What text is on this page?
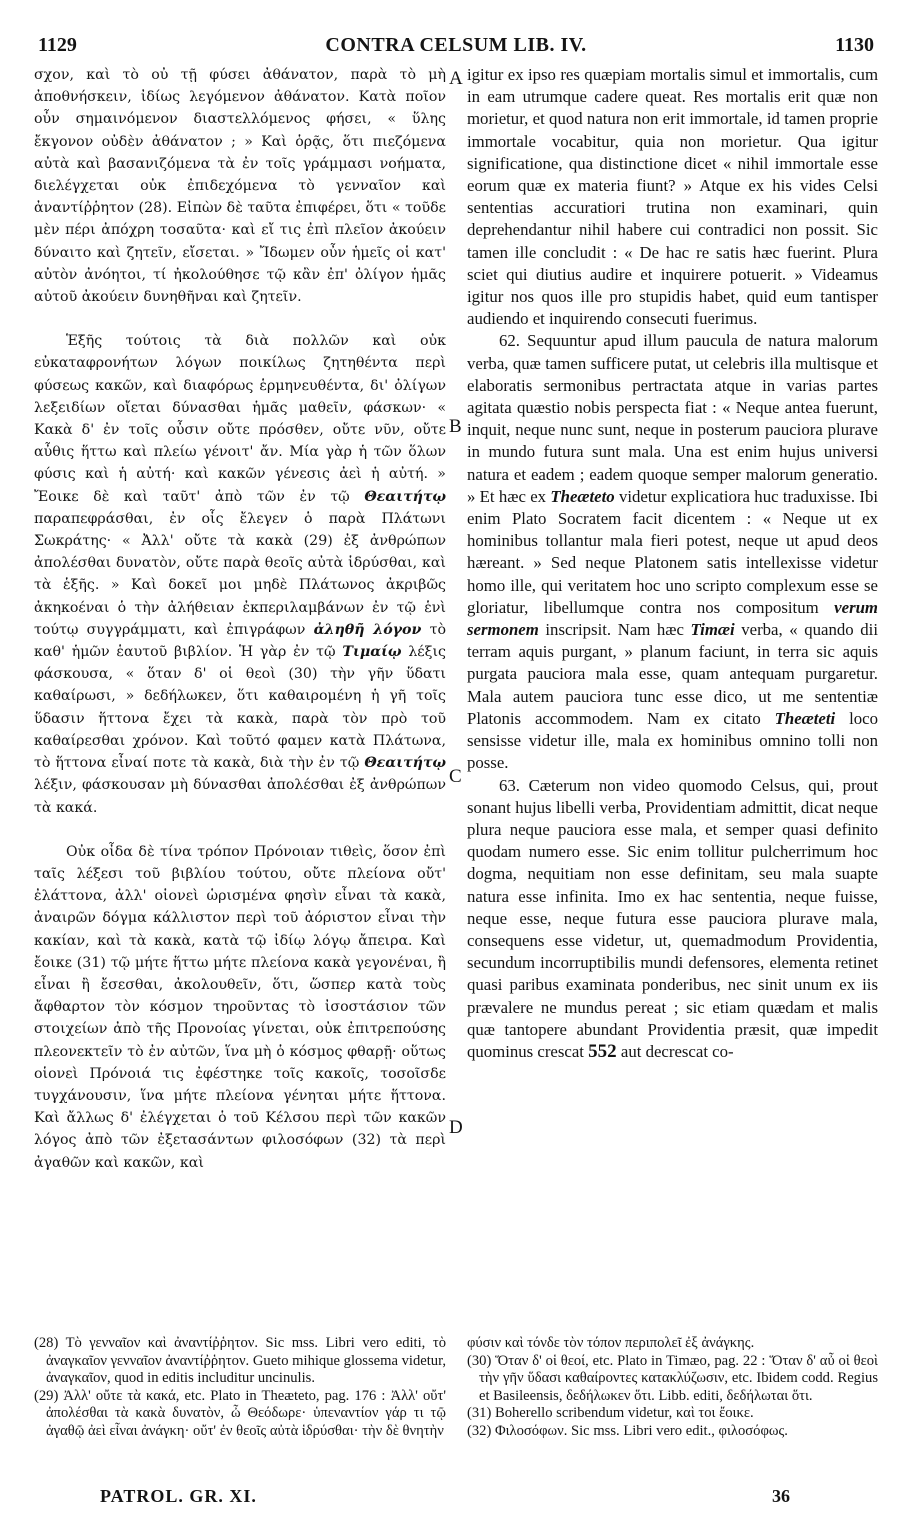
1129	CONTRA CELSUM LIB. IV.	1130

σχον, καὶ τὸ οὐ τῇ φύσει ἀθάνατον, παρὰ τὸ μὴ ἀποθνήσκειν, ἰδίως λεγόμενον ἀθάνατον. Κατὰ ποῖον οὖν σημαινόμενον διαστελλόμενος φήσει, « ὕλης ἔκγονον οὐδὲν ἀθάνατον ; » Καὶ ὁρᾷς, ὅτι πιεζόμενα αὐτὰ καὶ βασανιζόμενα τὰ ἐν τοῖς γράμμασι νοήματα, διελέγχεται οὐκ ἐπιδεχόμενα τὸ γενναῖον καὶ ἀναντίῤῥητον (28). Εἰπὼν δὲ ταῦτα ἐπιφέρει, ὅτι « τοῦδε μὲν πέρι ἀπόχρη τοσαῦτα· καὶ εἴ τις ἐπὶ πλεῖον ἀκούειν δύναιτο καὶ ζητεῖν, εἴσεται. » Ἴδωμεν οὖν ἡμεῖς οἱ κατ' αὐτὸν ἀνόητοι, τί ἠκολούθησε τῷ κἂν ἐπ' ὀλίγον ἡμᾶς αὐτοῦ ἀκούειν δυνηθῆναι καὶ ζητεῖν.

Ἑξῆς τούτοις τὰ διὰ πολλῶν καὶ οὐκ εὐκαταφρονήτων λόγων ποικίλως ζητηθέντα περὶ φύσεως κακῶν, καὶ διαφόρως ἑρμηνευθέντα, δι' ὀλίγων λεξειδίων οἴεται δύνασθαι ἡμᾶς μαθεῖν, φάσκων· « Κακὰ δ' ἐν τοῖς οὖσιν οὔτε πρόσθεν, οὔτε νῦν, οὔτε αὖθις ἥττω καὶ πλείω γένοιτ' ἄν. Μία γὰρ ἡ τῶν ὅλων φύσις καὶ ἡ αὐτή· καὶ κακῶν γένεσις ἀεὶ ἡ αὐτή. » Ἔοικε δὲ καὶ ταῦτ' ἀπὸ τῶν ἐν τῷ Θεαιτήτῳ παραπεφράσθαι, ἐν οἷς ἔλεγεν ὁ παρὰ Πλάτωνι Σωκράτης· « Ἀλλ' οὔτε τὰ κακὰ (29) ἐξ ἀνθρώπων ἀπολέσθαι δυνατὸν, οὔτε παρὰ θεοῖς αὐτὰ ἱδρύσθαι, καὶ τὰ ἑξῆς. » Καὶ δοκεῖ μοι μηδὲ Πλάτωνος ἀκριβῶς ἀκηκοέναι ὁ τὴν ἀλήθειαν ἐκπεριλαμβάνων ἐν τῷ ἑνὶ τούτῳ συγγράμματι, καὶ ἐπιγράφων ἀληθῆ λόγον τὸ καθ' ἡμῶν ἑαυτοῦ βιβλίον. Ἡ γὰρ ἐν τῷ Τιμαίῳ λέξις φάσκουσα, « ὅταν δ' οἱ θεοὶ (30) τὴν γῆν ὕδατι καθαίρωσι, » δεδήλωκεν, ὅτι καθαιρομένη ἡ γῆ τοῖς ὕδασιν ἥττονα ἔχει τὰ κακὰ, παρὰ τὸν πρὸ τοῦ καθαίρεσθαι χρόνον. Καὶ τοῦτό φαμεν κατὰ Πλάτωνα, τὸ ἥττονα εἶναί ποτε τὰ κακὰ, διὰ τὴν ἐν τῷ Θεαιτήτῳ λέξιν, φάσκουσαν μὴ δύνασθαι ἀπολέσθαι ἐξ ἀνθρώπων τὰ κακά.

Οὐκ οἶδα δὲ τίνα τρόπον Πρόνοιαν τιθεὶς, ὅσον ἐπὶ ταῖς λέξεσι τοῦ βιβλίου τούτου, οὔτε πλείονα οὔτ' ἐλάττονα, ἀλλ' οἱονεὶ ὡρισμένα φησὶν εἶναι τὰ κακὰ, ἀναιρῶν δόγμα κάλλιστον περὶ τοῦ ἀόριστον εἶναι τὴν κακίαν, καὶ τὰ κακὰ, κατὰ τῷ ἰδίῳ λόγῳ ἄπειρα. Καὶ ἔοικε (31) τῷ μήτε ἥττω μήτε πλείονα κακὰ γεγονέναι, ἢ εἶναι ἢ ἔσεσθαι, ἀκολουθεῖν, ὅτι, ὥσπερ κατὰ τοὺς ἄφθαρτον τὸν κόσμον τηροῦντας τὸ ἰσοστάσιον τῶν στοιχείων ἀπὸ τῆς Προνοίας γίνεται, οὐκ ἐπιτρεπούσης πλεονεκτεῖν τὸ ἐν αὐτῶν, ἵνα μὴ ὁ κόσμος φθαρῇ· οὕτως οἱονεὶ Πρόνοιά τις ἐφέστηκε τοῖς κακοῖς, τοσοῖσδε τυγχάνουσιν, ἵνα μήτε πλείονα γένηται μήτε ἥττονα. Καὶ ἄλλως δ' ἐλέγχεται ὁ τοῦ Κέλσου περὶ τῶν κακῶν λόγος ἀπὸ τῶν ἐξετασάντων φιλοσόφων (32) τὰ περὶ ἀγαθῶν καὶ κακῶν, καὶ

igitur ex ipso res quæpiam mortalis simul et immortalis, cum in eam utrumque cadere queat. Res mortalis erit quæ non morietur, et quod natura non erit immortale, id tamen proprie immortale vocabitur, quia non morietur. Qua igitur significatione, qua distinctione dicet « nihil immortale esse eorum quæ ex materia fiunt? » Atque ex his vides Celsi sententias accuratiori trutina non examinari, quin deprehendantur nihil habere cui contradici non possit. Sic tamen ille concludit : « De hac re satis hæc fuerint. Plura sciet qui diutius audire et inquirere potuerit. » Videamus igitur nos quos ille pro stupidis habet, quid eum tantisper audiendo et inquirendo consecuti fuerimus.

62. Sequuntur apud illum paucula de natura malorum verba, quæ tamen sufficere putat, ut celebris illa multisque et elaboratis sermonibus pertractata atque in varias partes agitata quæstio nobis perspecta fiat : « Neque antea fuerunt, inquit, neque nunc sunt, neque in posterum pauciora plurave in mundo futura sunt mala. Una est enim hujus universi natura et eadem ; eadem quoque semper malorum generatio. » Et hæc ex Theæteto videtur explicatiora huc traduxisse. Ibi enim Plato Socratem facit dicentem : « Neque ut ex hominibus tollantur mala fieri potest, neque ut apud deos hæreant. » Sed neque Platonem satis intellexisse videtur homo ille, qui veritatem hoc uno scripto complexum esse se gloriatur, libellumque contra nos compositum verum sermonem inscripsit. Nam hæc Timæi verba, « quando dii terram aquis purgant, » planum faciunt, in terra sic aquis purgata pauciora mala esse, quam antequam purgaretur. Mala autem pauciora tunc esse dico, ut me sententiæ Platonis accommodem. Nam ex citato Theæteti loco sensisse videtur ille, mala ex hominibus omnino tolli non posse.

63. Cæterum non video quomodo Celsus, qui, prout sonant hujus libelli verba, Providentiam admittit, dicat neque plura neque pauciora esse mala, et semper quasi definito quodam numero esse. Sic enim tollitur pulcherrimum hoc dogma, nequitiam non esse definitam, seu mala suapte natura esse infinita. Imo ex hac sententia, neque fuisse, neque esse, neque futura esse pauciora plurave mala, consequens esse videtur, ut, quemadmodum Providentia, secundum incorruptibilis mundi defensores, elementa retinet quasi paribus examinata ponderibus, nec sinit unum ex iis prævalere ne mundus pereat ; sic etiam quædam et malis quæ tantopere abundant Providentia præsit, quæ impedit quominus crescat 552 aut decrescat co-

A
B
C
D

(28) Τὸ γενναῖον καὶ ἀναντίῤῥητον. Sic mss. Libri vero editi, τὸ ἀναγκαῖον γενναῖον ἀναντίῤῥητον. Gueto mihique glossema videtur, ἀναγκαῖον, quod in editis includitur uncinulis.

(29) Ἀλλ' οὔτε τὰ κακά, etc. Plato in Theæteto, pag. 176 : Ἀλλ' οὔτ' ἀπολέσθαι τὰ κακὰ δυνατὸν, ὦ Θεόδωρε· ὑπεναντίον γάρ τι τῷ ἀγαθῷ ἀεὶ εἶναι ἀνάγκη· οὔτ' ἐν θεοῖς αὐτὰ ἱδρύσθαι· τὴν δὲ θνητὴν

φύσιν καὶ τόνδε τὸν τόπον περιπολεῖ ἐξ ἀνάγκης.

(30) Ὅταν δ' οἱ θεοί, etc. Plato in Timæo, pag. 22 : Ὅταν δ' αὖ οἱ θεοὶ τὴν γῆν ὕδασι καθαίροντες κατακλύζωσιν, etc. Ibidem codd. Regius et Basileensis, δεδήλωκεν ὅτι. Libb. editi, δεδήλωται ὅτι.

(31) Boherello scribendum videtur, καὶ τοι ἔοικε.

(32) Φιλοσόφων. Sic mss. Libri vero edit., φιλοσόφως.

PATROL. GR. XI.	36
